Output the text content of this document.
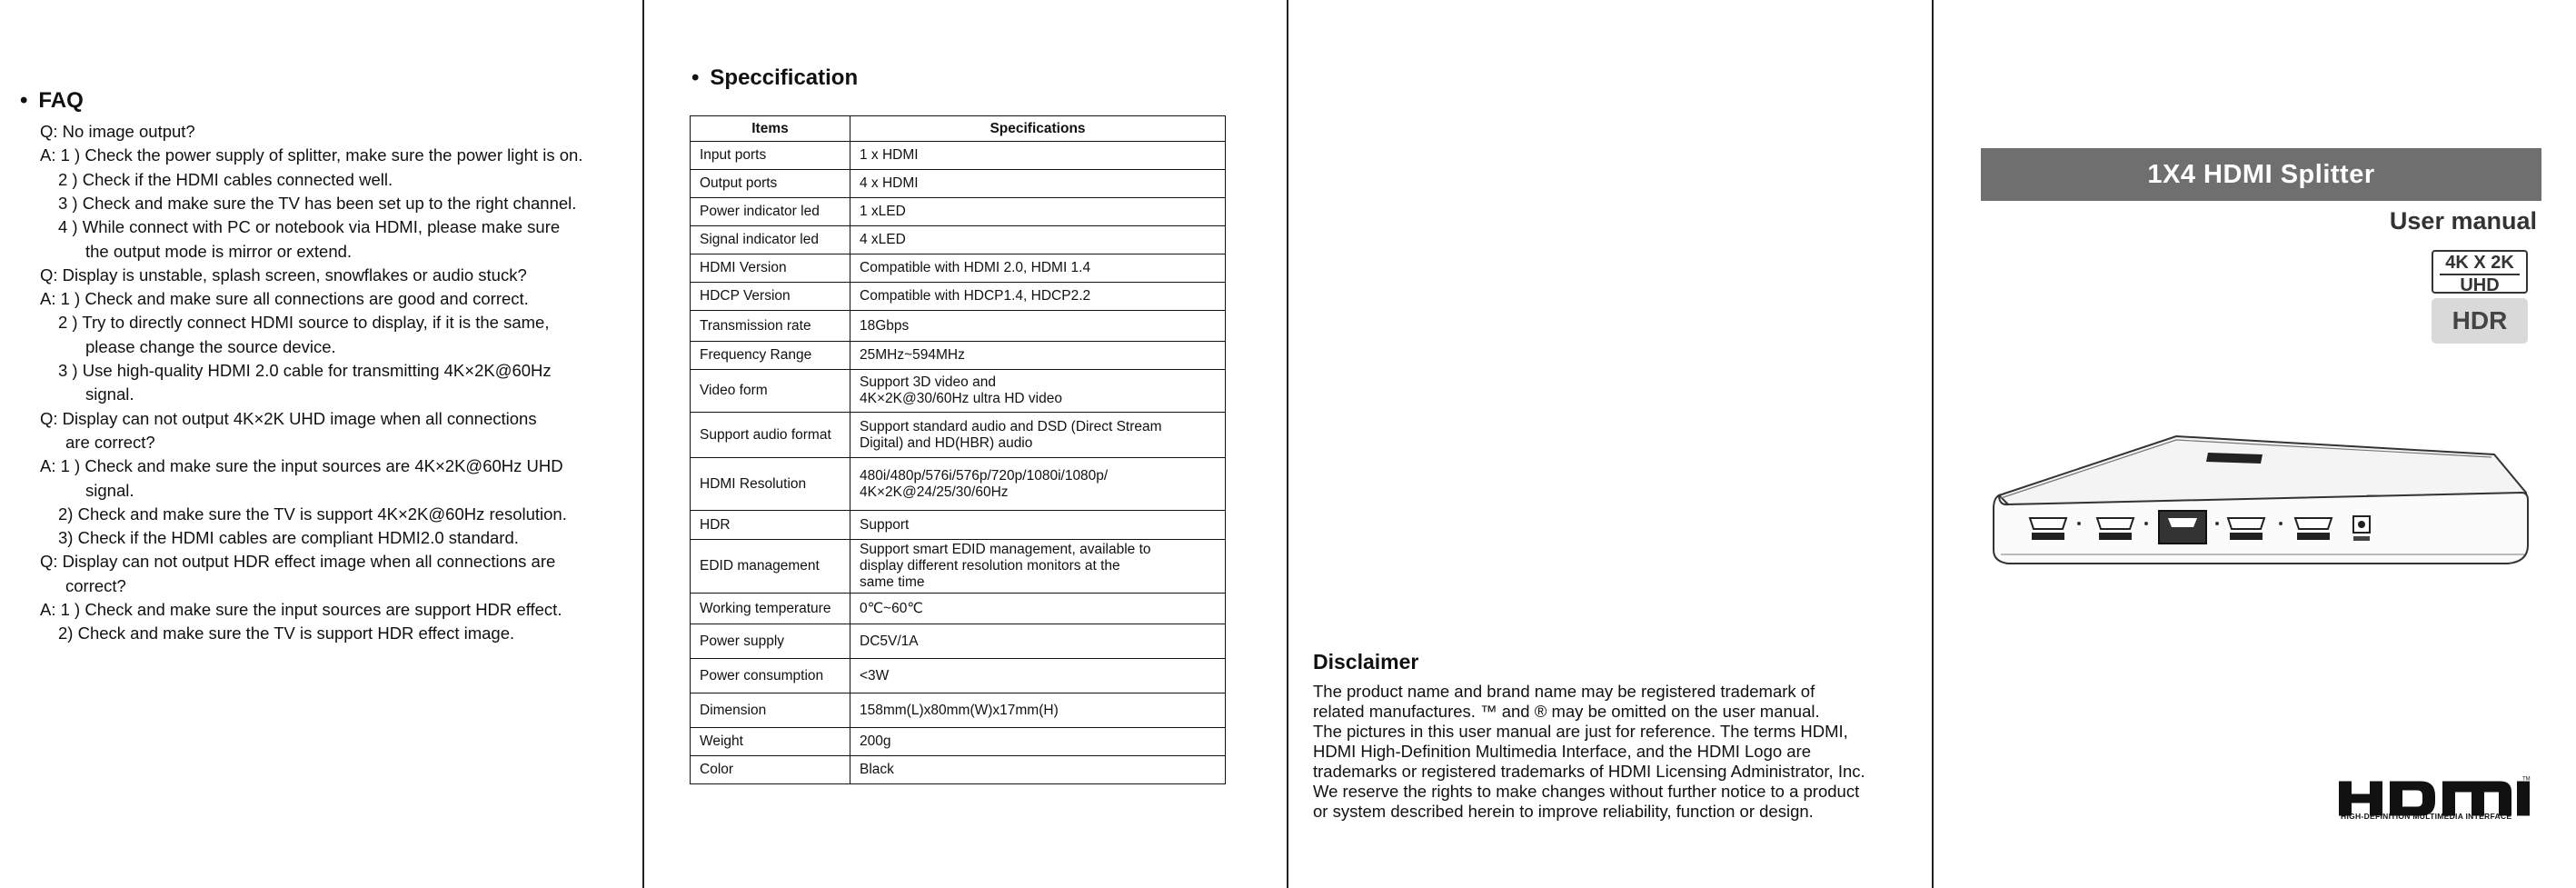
• FAQ
Q: No image output?
A: 1 ) Check the power supply of splitter, make sure the power light is on.
2 ) Check if the HDMI cables connected well.
3 ) Check and make sure the TV has been set up to the right channel.
4 ) While connect with PC or notebook via HDMI, please make sure
the output mode is mirror or extend.
Q: Display is unstable, splash screen, snowflakes or audio stuck?
A: 1 ) Check and make sure all connections are good and correct.
2 ) Try to directly connect HDMI source to display, if it is the same,
please change the source device.
3 ) Use high-quality HDMI 2.0 cable for transmitting 4K×2K@60Hz
signal.
Q: Display can not output 4K×2K UHD image when all connections
are correct?
A: 1 ) Check and make sure the input sources are 4K×2K@60Hz UHD
signal.
2) Check and make sure the TV is support 4K×2K@60Hz resolution.
3) Check if the HDMI cables are compliant HDMI2.0 standard.
Q: Display can not output HDR effect image when all connections are
correct?
A: 1 ) Check and make sure the input sources are support HDR effect.
2) Check and make sure the TV is support HDR effect image.
• Speccification
Items	Specifications
Input ports	1 x HDMI
Output ports	4 x HDMI
Power indicator led	1 xLED
Signal indicator led	4 xLED
HDMI Version	Compatible with HDMI 2.0, HDMI 1.4
HDCP Version	Compatible with HDCP1.4, HDCP2.2
Transmission rate	18Gbps
Frequency Range	25MHz~594MHz
Video form	Support 3D video and
4K×2K@30/60Hz ultra HD video
Support audio format	Support standard audio and DSD (Direct Stream
Digital) and HD(HBR) audio
HDMI Resolution	480i/480p/576i/576p/720p/1080i/1080p/
4K×2K@24/25/30/60Hz
HDR	Support
EDID management	Support smart EDID management, available to
display different resolution monitors at the
same time
Working temperature	0℃~60℃
Power supply	DC5V/1A
Power consumption	<3W
Dimension	158mm(L)x80mm(W)x17mm(H)
Weight	200g
Color	Black
Disclaimer
The product name and brand name may be registered trademark of
related manufactures. ™ and ® may be omitted on the user manual.
The pictures in this user manual are just for reference. The terms HDMI,
HDMI High-Definition Multimedia Interface, and the HDMI Logo are
trademarks or registered trademarks of HDMI Licensing Administrator, Inc.
We reserve the rights to make changes without further notice to a product
or system described herein to improve reliability, function or design.
1X4 HDMI Splitter
User manual
4K X 2K
UHD
HDR
TM
HIGH-DEFINITION MULTIMEDIA INTERFACE
